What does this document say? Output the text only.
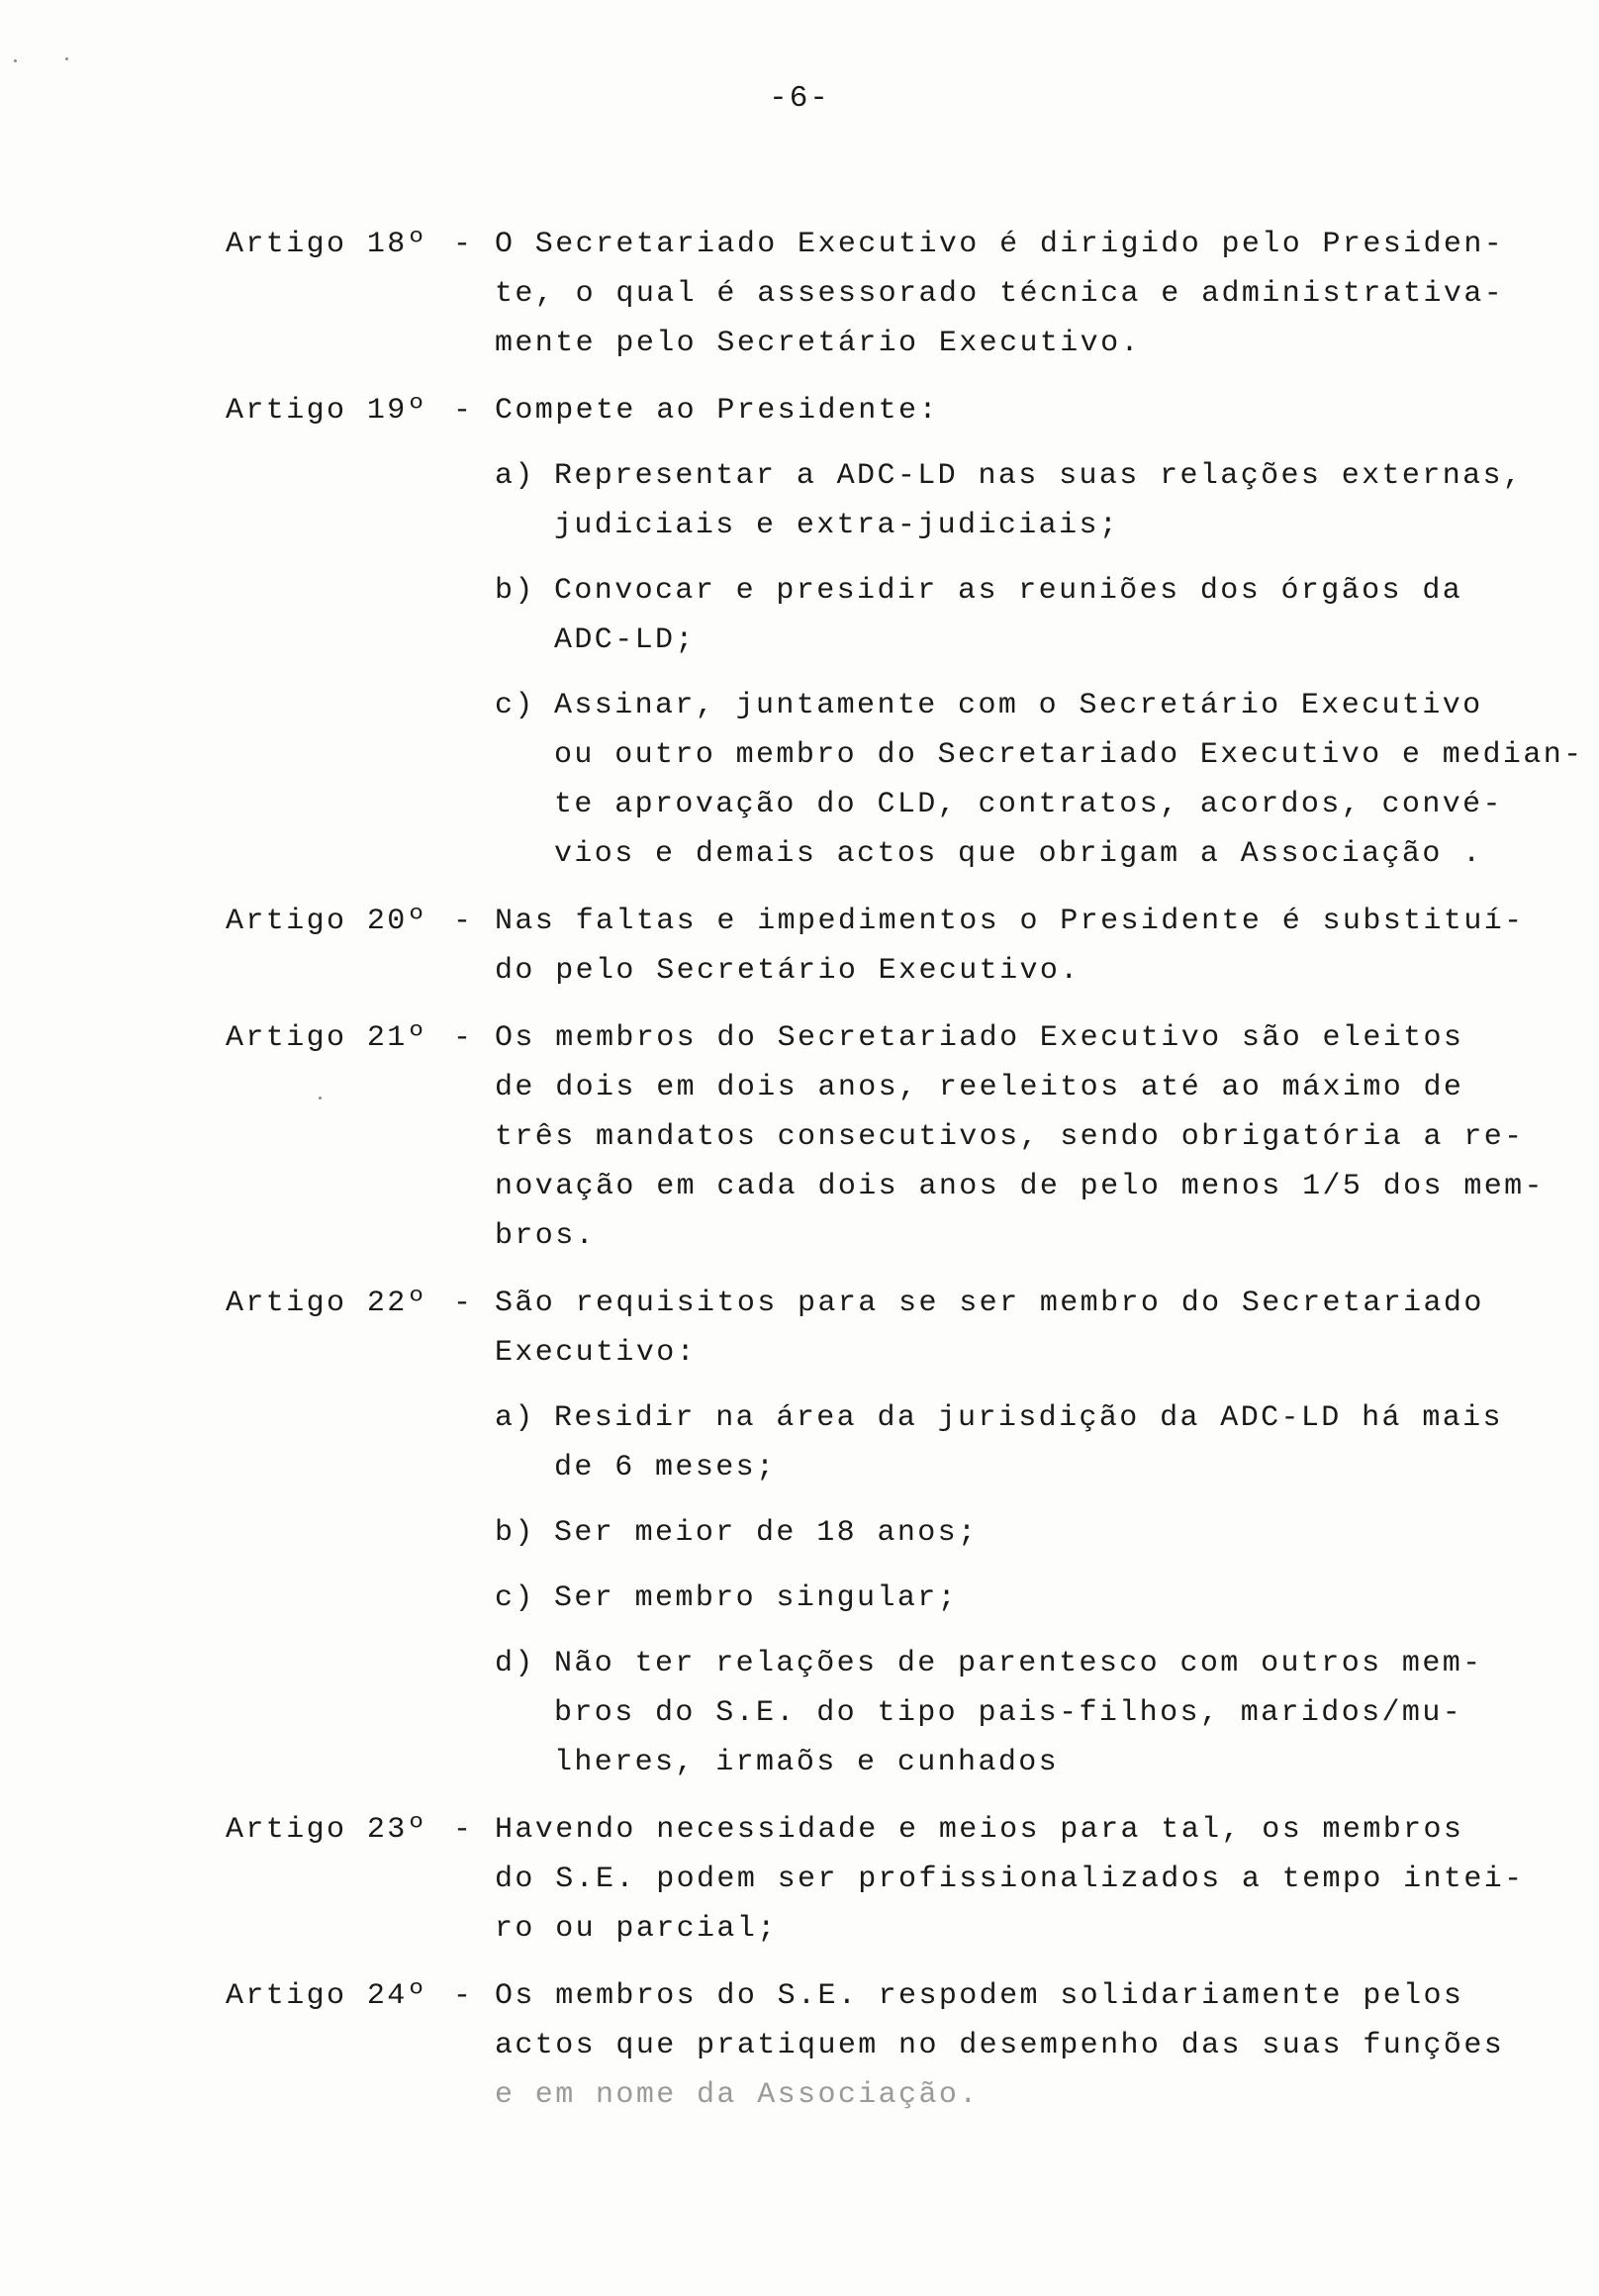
-6-
Artigo 18º - O Secretariado Executivo é dirigido pelo Presiden-
te, o qual é assessorado técnica e administrativa-
mente pelo Secretário Executivo.
Artigo 19º - Compete ao Presidente:
a) Representar a ADC-LD nas suas relações externas,
judiciais e extra-judiciais;
b) Convocar e presidir as reuniões dos órgãos da
ADC-LD;
c) Assinar, juntamente com o Secretário Executivo
ou outro membro do Secretariado Executivo e median-
te aprovação do CLD, contratos, acordos, convé-
vios e demais actos que obrigam a Associação .
Artigo 20º - Nas faltas e impedimentos o Presidente é substituí-
do pelo Secretário Executivo.
Artigo 21º - Os membros do Secretariado Executivo são eleitos
de dois em dois anos, reeleitos até ao máximo de
três mandatos consecutivos, sendo obrigatória a re-
novação em cada dois anos de pelo menos 1/5 dos mem-
bros.
Artigo 22º - São requisitos para se ser membro do Secretariado
Executivo:
a) Residir na área da jurisdição da ADC-LD há mais
de 6 meses;
b) Ser meior de 18 anos;
c) Ser membro singular;
d) Não ter relações de parentesco com outros mem-
bros do S.E. do tipo pais-filhos, maridos/mu-
lheres, irmaõs e cunhados
Artigo 23º - Havendo necessidade e meios para tal, os membros
do S.E. podem ser profissionalizados a tempo intei-
ro ou parcial;
Artigo 24º - Os membros do S.E. respodem solidariamente pelos
actos que pratiquem no desempenho das suas funções
e em nome da Associação.
